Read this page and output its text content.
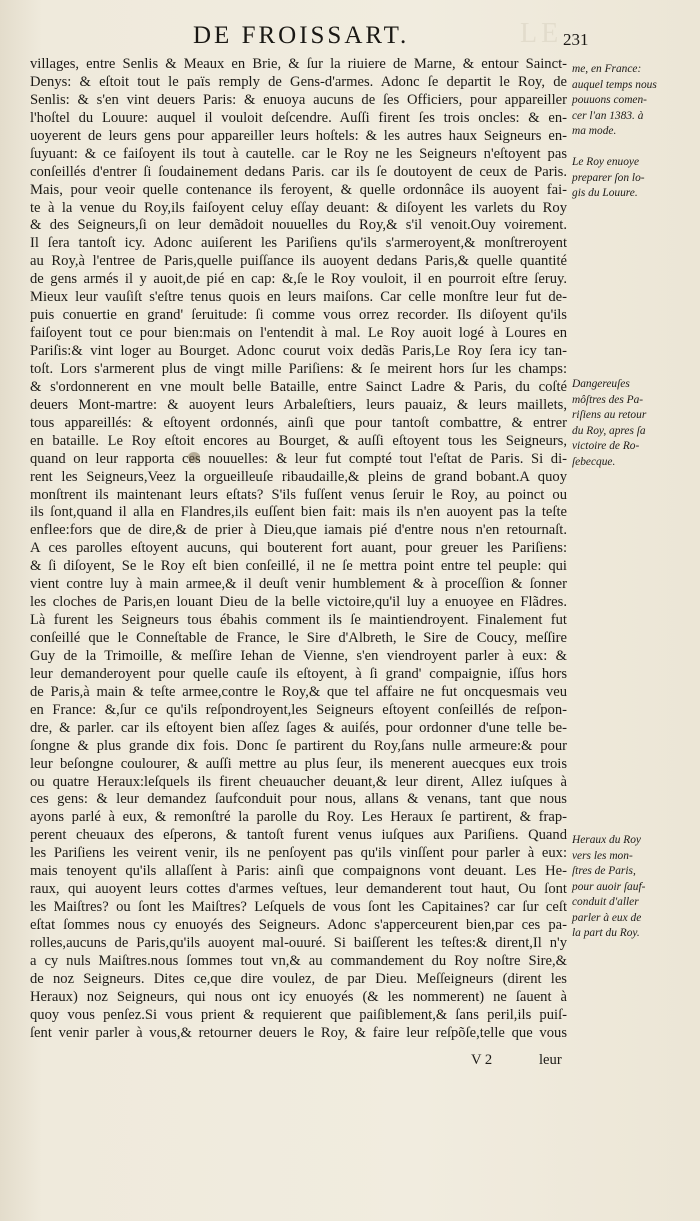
LE
DE FROISSART.	231
villages, entre Senlis & Meaux en Brie, & ſur la riuiere de Marne, & entour Sainct-
Denys: & eſtoit tout le païs remply de Gens-d'armes. Adonc ſe departit le Roy, de
Senlis: & s'en vint deuers Paris: & enuoya aucuns de ſes Officiers, pour appareiller
l'hoſtel du Louure: auquel il vouloit deſcendre. Auſſi firent ſes trois oncles: & en-
uoyerent de leurs gens pour appareiller leurs hoſtels: & les autres haux Seigneurs en-
ſuyuant: & ce faiſoyent ils tout à cautelle. car le Roy ne les Seigneurs n'eſtoyent pas
conſeillés d'entrer ſi ſoudainement dedans Paris. car ils ſe doutoyent de ceux de Paris.
Mais, pour veoir quelle contenance ils feroyent, & quelle ordonnâce ils auoyent fai-
te à la venue du Roy,ils faiſoyent celuy eſſay deuant: & diſoyent les varlets du Roy
& des Seigneurs,ſi on leur demãdoit nouuelles du Roy,& s'il venoit.Ouy voirement.
Il ſera tantoſt icy. Adonc auiſerent les Pariſiens qu'ils s'armeroyent,& monſtreroyent
au Roy,à l'entree de Paris,quelle puiſſance ils auoyent dedans Paris,& quelle quantité
de gens armés il y auoit,de pié en cap: &,ſe le Roy vouloit, il en pourroit eſtre ſeruy.
Mieux leur vauſiſt s'eſtre tenus quois en leurs maiſons. Car celle monſtre leur fut de-
puis conuertie en grand' ſeruitude: ſi comme vous orrez recorder. Ils diſoyent qu'ils
faiſoyent tout ce pour bien:mais on l'entendit à mal. Le Roy auoit logé à Loures en
Pariſis:& vint loger au Bourget. Adonc courut voix dedãs Paris,Le Roy ſera icy tan-
toſt. Lors s'armerent plus de vingt mille Pariſiens: & ſe meirent hors ſur les champs:
& s'ordonnerent en vne moult belle Bataille, entre Sainct Ladre & Paris, du coſté
deuers Mont-martre: & auoyent leurs Arbaleſtiers, leurs pauaiz, & leurs maillets,
tous appareillés: & eſtoyent ordonnés, ainſi que pour tantoſt combattre, & entrer
en bataille. Le Roy eſtoit encores au Bourget, & auſſi eſtoyent tous les Seigneurs,
quand on leur rapporta ces nouuelles: & leur fut compté tout l'eſtat de Paris. Si di-
rent les Seigneurs,Veez la orgueilleuſe ribaudaille,& pleins de grand bobant.A quoy
monſtrent ils maintenant leurs eſtats? S'ils fuſſent venus ſeruir le Roy, au poinct ou
ils ſont,quand il alla en Flandres,ils euſſent bien fait: mais ils n'en auoyent pas la teſte
enflee:fors que de dire,& de prier à Dieu,que iamais pié d'entre nous n'en retournaſt.
A ces parolles eſtoyent aucuns, qui bouterent fort auant, pour greuer les Pariſiens:
& ſi diſoyent, Se le Roy eſt bien conſeillé, il ne ſe mettra point entre tel peuple: qui
vient contre luy à main armee,& il deuſt venir humblement & à proceſſion & ſonner
les cloches de Paris,en louant Dieu de la belle victoire,qu'il luy a enuoyee en Flãdres.
Là furent les Seigneurs tous ébahis comment ils ſe maintiendroyent. Finalement fut
conſeillé que le Conneſtable de France, le Sire d'Albreth, le Sire de Coucy, meſſire
Guy de la Trimoille, & meſſire Iehan de Vienne, s'en viendroyent parler à eux: &
leur demanderoyent pour quelle cauſe ils eſtoyent, à ſi grand' compaignie, iſſus hors
de Paris,à main & teſte armee,contre le Roy,& que tel affaire ne fut oncquesmais veu
en France: &,ſur ce qu'ils reſpondroyent,les Seigneurs eſtoyent conſeillés de reſpon-
dre, & parler. car ils eſtoyent bien aſſez ſages & auiſés, pour ordonner d'une telle be-
ſongne & plus grande dix fois. Donc ſe partirent du Roy,ſans nulle armeure:& pour
leur beſongne coulourer, & auſſi mettre au plus ſeur, ils menerent auecques eux trois
ou quatre Heraux:leſquels ils firent cheuaucher deuant,& leur dirent, Allez iuſques à
ces gens: & leur demandez ſaufconduit pour nous, allans & venans, tant que nous
ayons parlé à eux, & remonſtré la parolle du Roy. Les Heraux ſe partirent, & frap-
perent cheuaux des eſperons, & tantoſt furent venus iuſques aux Pariſiens. Quand
les Pariſiens les veirent venir, ils ne penſoyent pas qu'ils vinſſent pour parler à eux:
mais tenoyent qu'ils allaſſent à Paris: ainſi que compaignons vont deuant. Les He-
raux, qui auoyent leurs cottes d'armes veſtues, leur demanderent tout haut, Ou ſont
les Maiſtres? ou ſont les Maiſtres? Leſquels de vous ſont les Capitaines? car ſur ceſt
eſtat ſommes nous cy enuoyés des Seigneurs. Adonc s'apperceurent bien,par ces pa-
rolles,aucuns de Paris,qu'ils auoyent mal-ouuré. Si baiſſerent les teſtes:& dirent,Il n'y
a cy nuls Maiſtres.nous ſommes tout vn,& au commandement du Roy noſtre Sire,&
de noz Seigneurs. Dites ce,que dire voulez, de par Dieu. Meſſeigneurs (dirent les
Heraux) noz Seigneurs, qui nous ont icy enuoyés (& les nommerent) ne ſauent à
quoy vous penſez.Si vous prient & requierent que paiſiblement,& ſans peril,ils puiſ-
ſent venir parler à vous,& retourner deuers le Roy, & faire leur reſpõſe,telle que vous
V 2	leur
me, en France:
auquel temps nous
pouuons comen-
cer l'an 1383. à
ma mode.
Le Roy enuoye
preparer ſon lo-
gis du Louure.
Dangereuſes
môſtres des Pa-
riſiens au retour
du Roy, apres ſa
victoire de Ro-
ſebecque.
Heraux du Roy
vers les mon-
ſtres de Paris,
pour auoir ſauf-
conduit d'aller
parler à eux de
la part du Roy.
